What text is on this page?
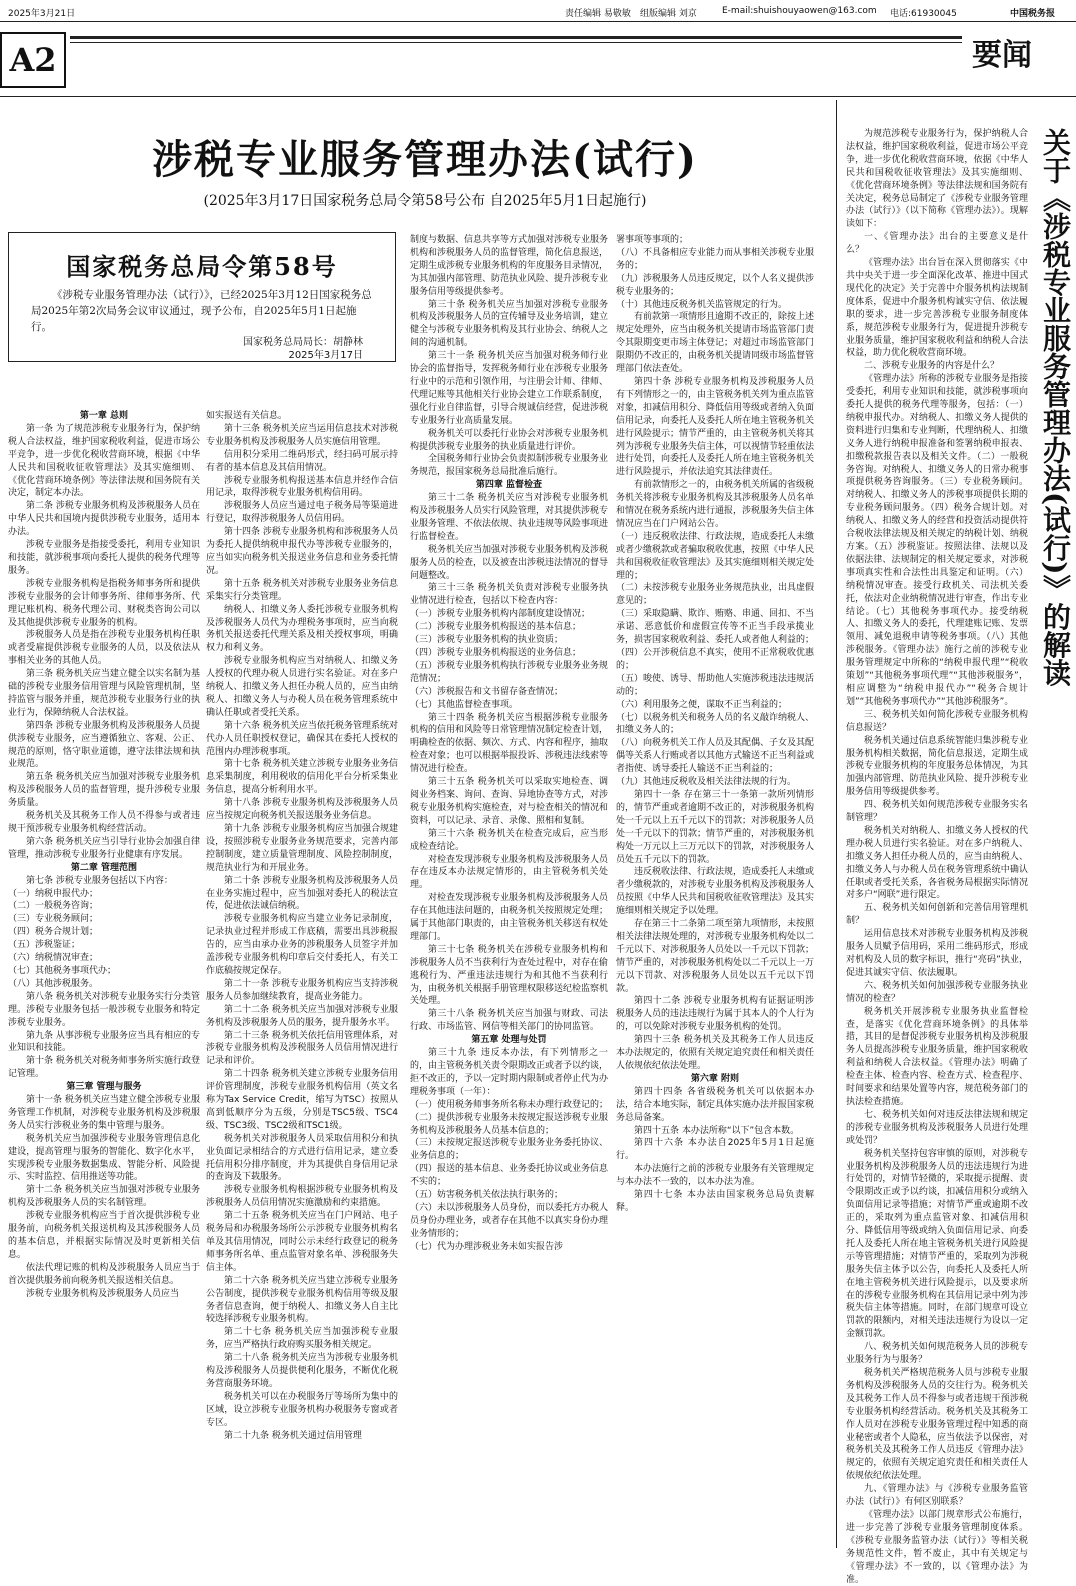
2025年3月21日	责任编辑 易敬敏 组版编辑 刘京	E-mail:shuishouyaowen@163.com 电话:61930045	中国税务报
A2	要闻
涉税专业服务管理办法(试行)
(2025年3月17日国家税务总局令第58号公布 自2025年5月1日起施行)
国家税务总局令第58号
《涉税专业服务管理办法（试行）》，已经2025年3月12日国家税务总局2025年第2次局务会议审议通过，现予公布，自2025年5月1日起施行。
国家税务总局局长：胡静林
2025年3月17日

第一章 总则

第一条 为了规范涉税专业服务行为，保护纳税人合法权益，维护国家税收利益，促进市场公平竞争，进一步优化税收营商环境，根据《中华人民共和国税收征收管理法》及其实施细则、《优化营商环境条例》等法律法规和国务院有关决定，制定本办法。

第二条 涉税专业服务机构及涉税服务人员在中华人民共和国境内提供涉税专业服务，适用本办法。

涉税专业服务是指接受委托，利用专业知识和技能，就涉税事项向委托人提供的税务代理等服务。

涉税专业服务机构是指税务师事务所和提供涉税专业服务的会计师事务所、律师事务所、代理记账机构、税务代理公司、财税类咨询公司以及其他提供涉税专业服务的机构。

涉税服务人员是指在涉税专业服务机构任职或者受雇提供涉税专业服务的人员，以及依法从事相关业务的其他人员。

第三条 税务机关应当建立健全以实名制为基础的涉税专业服务信用管理与风险管理机制，坚持监管与服务并重，规范涉税专业服务行业的执业行为，保障纳税人合法权益。

第四条 涉税专业服务机构及涉税服务人员提供涉税专业服务，应当遵循独立、客观、公正、规范的原则，恪守职业道德，遵守法律法规和执业规范。

第五条 税务机关应当加强对涉税专业服务机构及涉税服务人员的监督管理，提升涉税专业服务质量。

税务机关及其税务工作人员不得参与或者违规干预涉税专业服务机构经营活动。

第六条 税务机关应当引导行业协会加强自律管理，推动涉税专业服务行业健康有序发展。

第二章 管理范围

第七条 涉税专业服务包括以下内容：

（一）纳税申报代办；

（二）一般税务咨询；

（三）专业税务顾问；

（四）税务合规计划；

（五）涉税鉴证；

（六）纳税情况审查；

（七）其他税务事项代办；

（八）其他涉税服务。

第八条 税务机关对涉税专业服务实行分类管理。涉税专业服务包括一般涉税专业服务和特定涉税专业服务。

第九条 从事涉税专业服务应当具有相应的专业知识和技能。

第十条 税务机关对税务师事务所实施行政登记管理。

第三章 管理与服务

第十一条 税务机关应当建立健全涉税专业服务管理工作机制，对涉税专业服务机构及涉税服务人员实行涉税业务的集中管理与服务。

税务机关应当加强涉税专业服务管理信息化建设，提高管理与服务的智能化、数字化水平，实现涉税专业服务数据集成、智能分析、风险提示、实时监控、信用推送等功能。

第十二条 税务机关应当加强对涉税专业服务机构及涉税服务人员的实名制管理。

涉税专业服务机构应当于首次提供涉税专业服务前，向税务机关报送机构及其涉税服务人员的基本信息，并根据实际情况及时更新相关信息。

依法代理记账的机构及涉税服务人员应当于首次提供服务前向税务机关报送相关信息。

涉税专业服务机构及涉税服务人员应当

如实报送有关信息。

第十三条 税务机关应当运用信息技术对涉税专业服务机构及涉税服务人员实施信用管理。

信用积分采用二维码形式，经扫码可展示持有者的基本信息及其信用情况。

涉税专业服务机构报送基本信息并经作合信用记录，取得涉税专业服务机构信用码。

涉税服务人员应当通过电子税务局等渠道进行登记，取得涉税服务人员信用码。

第十四条 涉税专业服务机构和涉税服务人员为委托人提供纳税申报代办等涉税专业服务的，应当如实向税务机关报送业务信息和业务委托情况。

第十五条 税务机关对涉税专业服务业务信息采集实行分类管理。

纳税人、扣缴义务人委托涉税专业服务机构及涉税服务人员代为办理税务事项时，应当向税务机关报送委托代理关系及相关授权事项，明确权力和利义务。

涉税专业服务机构应当对纳税人、扣缴义务人授权的代理办税人员进行实名验证。对在多户纳税人、扣缴义务人担任办税人员的，应当由纳税人、扣缴义务人与办税人员在税务管理系统中确认任职或者受托关系。

第十六条 税务机关应当依托税务管理系统对代办人员任职授权登记，确保其在委托人授权的范围内办理涉税事项。

第十七条 税务机关建立涉税专业服务业务信息采集制度，利用税收的信用化平台分析采集业务信息，提高分析利用水平。

第十八条 涉税专业服务机构及涉税服务人员应当按规定向税务机关报送服务业务信息。

第十九条 涉税专业服务机构应当加强合规建设，按照涉税专业服务业务规范要求，完善内部控制制度，建立质量管理制度、风险控制制度，规范执业行为和开展业务。

第二十条 涉税专业服务机构及涉税服务人员在业务实施过程中，应当加强对委托人的税法宣传，促进依法诚信纳税。

涉税专业服务机构应当建立业务记录制度，记录执业过程并形成工作底稿，需要出具涉税报告的，应当由承办业务的涉税服务人员签字并加盖涉税专业服务机构印章后交付委托人，有关工作底稿按规定保存。

第二十一条 涉税专业服务机构应当支持涉税服务人员参加继续教育，提高业务能力。

第二十二条 税务机关应当加强对涉税专业服务机构及涉税服务人员的服务，提升服务水平。

第二十三条 税务机关依托信用管理体系，对涉税专业服务机构及涉税服务人员信用情况进行记录和评价。

第二十四条 税务机关建立涉税专业服务信用评价管理制度，涉税专业服务机构信用（英文名称为Tax Service Credit，缩写为TSC）按照从高到低顺序分为五级，分别是TSC5级、TSC4级、TSC3级、TSC2级和TSC1级。

税务机关对涉税服务人员采取信用积分和执业负面记录相结合的方式进行信用记录，建立委托信用积分排序制度，并为其提供自身信用记录的查询及下载服务。

涉税专业服务机构根据涉税专业服务机构及涉税服务人员信用情况实施激励和约束措施。

第二十五条 税务机关应当在门户网站、电子税务局和办税服务场所公示涉税专业服务机构名单及其信用情况，同时公示未经行政登记的税务师事务所名单、重点监管对象名单、涉税服务失信主体。

第二十六条 税务机关应当建立涉税专业服务公告制度，提供涉税专业服务机构信用等级及服务者信息查询，便于纳税人、扣缴义务人自主比较选择涉税专业服务机构。

第二十七条 税务机关应当加强涉税专业服务，应当严格执行政府购买服务相关规定。

第二十八条 税务机关应当为涉税专业服务机构及涉税服务人员提供便利化服务，不断优化税务营商服务环境。

税务机关可以在办税服务厅等场所为集中的区域，设立涉税专业服务机构办税服务专窗或者专区。

第二十九条 税务机关通过信用管理

制度与数据、信息共享等方式加强对涉税专业服务机构和涉税服务人员的监督管理，简化信息报送，定期生成涉税专业服务机构的年度服务目录情况，为其加强内部管理、防范执业风险、提升涉税专业服务信用等级提供参考。

第三十条 税务机关应当加强对涉税专业服务机构及涉税服务人员的宣传辅导及业务培训，建立健全与涉税专业服务机构及其行业协会、纳税人之间的沟通机制。

第三十一条 税务机关应当加强对税务师行业协会的监督指导，发挥税务师行业在涉税专业服务行业中的示范和引领作用，与注册会计师、律师、代理记账等其他相关行业协会建立工作联系制度，强化行业自律监督，引导合规诚信经营，促进涉税专业服务行业高质量发展。

税务机关可以委托行业协会对涉税专业服务机构提供涉税专业服务的执业质量进行评价。

全国税务师行业协会负责拟制涉税专业服务业务规范，报国家税务总局批准后施行。

第四章 监督检查

第三十二条 税务机关应当对涉税专业服务机构及涉税服务人员实行风险管理，对其提供涉税专业服务管理、不依法依规、执业违规等风险事项进行监督检查。

税务机关应当加强对涉税专业服务机构及涉税服务人员的检查，以及被查出涉税违法情况的督导问题整改。

第三十三条 税务机关负责对涉税专业服务执业情况进行检查，包括以下检查内容：

（一）涉税专业服务机构内部制度建设情况；

（二）涉税专业服务机构报送的基本信息；

（三）涉税专业服务机构的执业资质；

（四）涉税专业服务机构报送的业务信息；

（五）涉税专业服务机构执行涉税专业服务业务规范情况；

（六）涉税报告和文书留存备查情况；

（七）其他监督检查事项。

第三十四条 税务机关应当根据涉税专业服务机构的信用和风险等日常管理情况制定检查计划，明确检查的依据、频次、方式、内容和程序，抽取检查对象；也可以根据举报投诉、涉税违法线索等情况进行检查。

第三十五条 税务机关可以采取实地检查、调阅业务档案、询问、查询、异地协查等方式，对涉税专业服务机构实施检查，对与检查相关的情况和资料，可以记录、录音、录像、照相和复制。

第三十六条 税务机关在检查完成后，应当形成检查结论。

对检查发现涉税专业服务机构及涉税服务人员存在违反本办法规定情形的，由主管税务机关处理。

对检查发现涉税专业服务机构及涉税服务人员存在其他违法问题的，由税务机关按照规定处理；属于其他部门职责的，由主管税务机关移送有权处理部门。

第三十七条 税务机关在涉税专业服务机构和涉税服务人员不当获利行为查处过程中，对存在偷逃税行为、严重违法违规行为和其他不当获利行为，由税务机关根据手册管理权限移送纪检监察机关处理。

第三十八条 税务机关应当加强与财政、司法行政、市场监管、网信等相关部门的协同监管。

第五章 处理与处罚

第三十九条 违反本办法，有下列情形之一的，由主管税务机关责令限期改正或者予以约谈，拒不改正的，予以一定时期内限制或者停止代为办理税务事项（一年）：

（一）使用税务师事务所名称未办理行政登记的；

（二）提供涉税专业服务未按规定报送涉税专业服务机构及涉税服务人员基本信息的；

（三）未按规定报送涉税专业服务业务委托协议、业务信息的；

（四）报送的基本信息、业务委托协议或业务信息不实的；

（五）妨害税务机关依法执行职务的；

（六）未以涉税服务人员身份，而以委托方办税人员身份办理业务，或者存在其他不以真实身份办理业务情形的；

（七）代为办理涉税业务未如实报告涉

署事项等事项的；

（八）不具备相应专业能力而从事相关涉税专业服务的；

（九）涉税服务人员违反规定，以个人名义提供涉税专业服务的；

（十）其他违反税务机关监管规定的行为。

有前款第一项情形且逾期不改正的，除按上述规定处理外，应当由税务机关提请市场监管部门责令其限期变更市场主体登记；对超过市场监管部门限期仍不改正的，由税务机关提请同级市场监督管理部门依法查处。

第四十条 涉税专业服务机构及涉税服务人员有下列情形之一的，由主管税务机关列为重点监管对象，扣减信用积分、降低信用等级或者纳入负面信用记录，向委托人及委托人所在地主管税务机关进行风险提示；情节严重的，由主管税务机关将其列为涉税专业服务失信主体，可以视情节轻重依法进行处罚，向委托人及委托人所在地主管税务机关进行风险提示，并依法追究其法律责任。

有前款情形之一的，由税务机关所属的省级税务机关将涉税专业服务机构及其涉税服务人员名单和情况在税务系统内进行通报，涉税服务失信主体情况应当在门户网站公告。

（一）违反税收法律、行政法规，造成委托人未缴或者少缴税款或者骗取税收优惠，按照《中华人民共和国税收征收管理法》及其实施细则相关规定处理的；

（二）未按涉税专业服务业务规范执业，出具虚假意见的；

（三）采取隐瞒、欺诈、贿赂、串通、回扣、不当承诺、恶意低价和虚假宣传等不正当手段承揽业务，损害国家税收利益、委托人或者他人利益的；

（四）公开涉税信息不真实，使用不正常税收优惠的；

（五）唆使、诱导、帮助他人实施涉税违法违规活动的；

（六）利用服务之便，谋取不正当利益的；

（七）以税务机关和税务人员的名义敲诈纳税人、扣缴义务人的；

（八）向税务机关工作人员及其配偶、子女及其配偶等关系人行贿或者以其他方式输送不正当利益或者指使、诱导委托人输送不正当利益的；

（九）其他违反税收及相关法律法规的行为。

第四十一条 存在第三十一条第一款所列情形的，情节严重或者逾期不改正的，对涉税服务机构处一千元以上五千元以下的罚款；对涉税服务人员处一千元以下的罚款；情节严重的，对涉税服务机构处一万元以上三万元以下的罚款，对涉税服务人员处五千元以下的罚款。

违反税收法律、行政法规，造成委托人未缴或者少缴税款的，对涉税专业服务机构及涉税服务人员按照《中华人民共和国税收征收管理法》及其实施细则相关规定予以处理。

存在第三十二条第二项至第九项情形，未按照相关法律法规处理的，对涉税专业服务机构处以二千元以下、对涉税服务人员处以一千元以下罚款；情节严重的，对涉税服务机构处以二千元以上一万元以下罚款、对涉税服务人员处以五千元以下罚款。

第四十二条 涉税专业服务机构有证据证明涉税服务人员的违法违规行为属于其本人的个人行为的，可以免除对涉税专业服务机构的处罚。

第四十三条 税务机关及其税务工作人员违反本办法规定的，依照有关规定追究责任和相关责任人依规依纪依法处理。

第六章 附则

第四十四条 各省级税务机关可以依据本办法，结合本地实际，制定具体实施办法并报国家税务总局备案。

第四十五条 本办法所称“以下”包含本数。

第四十六条 本办法自2025年5月1日起施行。

本办法施行之前的涉税专业服务有关管理规定与本办法不一致的，以本办法为准。

第四十七条 本办法由国家税务总局负责解释。

为规范涉税专业服务行为，保护纳税人合法权益，维护国家税收利益，促进市场公平竞争，进一步优化税收营商环境，依据《中华人民共和国税收征收管理法》及其实施细则、《优化营商环境条例》等法律法规和国务院有关决定，税务总局制定了《涉税专业服务管理办法（试行）》（以下简称《管理办法》）。现解读如下：

一、《管理办法》出台的主要意义是什么？

《管理办法》出台旨在深入贯彻落实《中共中央关于进一步全面深化改革、推进中国式现代化的决定》关于完善中介服务机构法规制度体系，促进中介服务机构诚实守信、依法履职的要求，进一步完善涉税专业服务制度体系，规范涉税专业服务行为，促进提升涉税专业服务质量，维护国家税收利益和纳税人合法权益，助力优化税收营商环境。

二、涉税专业服务的内容是什么？

《管理办法》所称的涉税专业服务是指接受委托，利用专业知识和技能，就涉税事项向委托人提供的税务代理等服务，包括：（一）纳税申报代办。对纳税人、扣缴义务人提供的资料进行归集和专业判断，代理纳税人、扣缴义务人进行纳税申报准备和签署纳税申报表、扣缴税款报告表以及相关文件。（二）一般税务咨询。对纳税人、扣缴义务人的日常办税事项提供税务咨询服务。（三）专业税务顾问。对纳税人、扣缴义务人的涉税事项提供长期的专业税务顾问服务。（四）税务合规计划。对纳税人、扣缴义务人的经营和投资活动提供符合税收法律法规及相关规定的纳税计划、纳税方案。（五）涉税鉴证。按照法律、法规以及依据法律、法规制定的相关规定要求，对涉税事项真实性和合法性出具鉴定和证明。（六）纳税情况审查。接受行政机关、司法机关委托，依法对企业纳税情况进行审查，作出专业结论。（七）其他税务事项代办。接受纳税人、扣缴义务人的委托，代理建账记账、发票领用、减免退税申请等税务事项。（八）其他涉税服务。《管理办法》施行之前的涉税专业服务管理规定中所称的“纳税申报代理”“税收策划”“其他税务事项代理”“其他涉税服务”，相应调整为“纳税申报代办”“税务合规计划”“其他税务事项代办”“其他涉税服务”。

三、税务机关如何简化涉税专业服务机构信息报送？

税务机关通过信息系统智能归集涉税专业服务机构相关数据，简化信息报送，定期生成涉税专业服务机构的年度服务总体情况，为其加强内部管理、防范执业风险、提升涉税专业服务信用等级提供参考。

四、税务机关如何规范涉税专业服务实名制管理？

税务机关对纳税人、扣缴义务人授权的代理办税人员进行实名验证。对在多户纳税人、扣缴义务人担任办税人员的，应当由纳税人、扣缴义务人与办税人员在税务管理系统中确认任职或者受托关系，各省税务局根据实际情况对多户“网联”进行限定。

五、税务机关如何创新和完善信用管理机制？

运用信息技术对涉税专业服务机构及涉税服务人员赋予信用码，采用二维码形式，形成对机构及人员的数字标识，推行“亮码”执业，促进其诚实守信、依法履职。

六、税务机关如何加强涉税专业服务执业情况的检查？

税务机关开展涉税专业服务执业监督检查，是落实《优化营商环境条例》的具体举措，其目的是督促涉税专业服务机构及涉税服务人员提高涉税专业服务质量，维护国家税收利益和纳税人合法权益。《管理办法》明确了检查主体、检查内容、检查方式、检查程序、时间要求和结果处置等内容，规范税务部门的执法检查措施。

七、税务机关如何对违反法律法规和规定的涉税专业服务机构及涉税服务人员进行处理或处罚？

税务机关坚持包容审慎的原则，对涉税专业服务机构及涉税服务人员的违法违规行为进行处罚的，对情节轻微的，采取提示提醒、责令限期改正或予以约谈，扣减信用积分或纳入负面信用记录等措施；对情节严重或逾期不改正的，采取列为重点监管对象、扣减信用积分、降低信用等级或纳入负面信用记录、向委托人及委托人所在地主管税务机关进行风险提示等管理措施；对情节严重的，采取列为涉税服务失信主体予以公告，向委托人及委托人所在地主管税务机关进行风险提示，以及要求所在的涉税专业服务机构在其信用记录中列为涉税失信主体等措施。同时，在部门规章可设立罚款的限额内，对相关违法违规行为设以一定金额罚款。

八、税务机关如何规范税务人员的涉税专业服务行为与服务？

税务机关严格规范税务人员与涉税专业服务机构及涉税服务人员的交往行为。税务机关及其税务工作人员不得参与或者违规干预涉税专业服务机构经营活动。税务机关及其税务工作人员对在涉税专业服务管理过程中知悉的商业秘密或者个人隐私，应当依法予以保密，对税务机关及其税务工作人员违反《管理办法》规定的，依照有关规定追究责任和相关责任人依规依纪依法处理。

九、《管理办法》与《涉税专业服务监管办法（试行）》有何区别联系？

《管理办法》以部门规章形式公布施行，进一步完善了涉税专业服务管理制度体系。《涉税专业服务监管办法（试行）》等相关税务规范性文件，暂不废止，其中有关规定与《管理办法》不一致的，以《管理办法》为准。

关于《涉税专业服务管理办法(试行)》的解读
